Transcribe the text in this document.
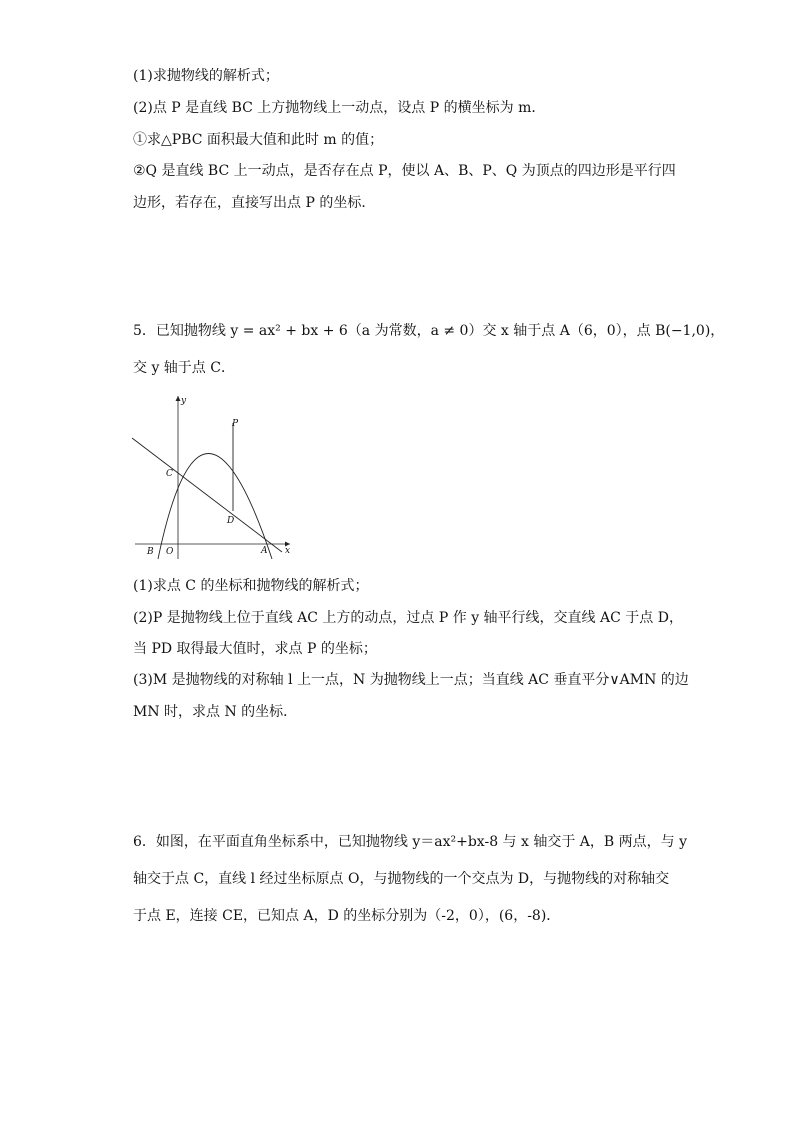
(1)求抛物线的解析式；
(2)点 P 是直线 BC 上方抛物线上一动点，设点 P 的横坐标为 m．
①求△PBC 面积最大值和此时 m 的值；
②Q 是直线 BC 上一动点，是否存在点 P，使以 A、B、P、Q 为顶点的四边形是平行四
边形，若存在，直接写出点 P 的坐标．
5．已知抛物线 y = ax² + bx + 6（a 为常数，a ≠ 0）交 x 轴于点 A（6，0），点 B(−1,0)，
交 y 轴于点 C．
y
x
P
C
D
B O	A
(1)求点 C 的坐标和抛物线的解析式；
(2)P 是抛物线上位于直线 AC 上方的动点，过点 P 作 y 轴平行线，交直线 AC 于点 D，
当 PD 取得最大值时，求点 P 的坐标；
(3)M 是抛物线的对称轴 l 上一点，N 为抛物线上一点；当直线 AC 垂直平分∨AMN 的边
MN 时，求点 N 的坐标．
6．如图，在平面直角坐标系中，已知抛物线 y＝ax²+bx-8 与 x 轴交于 A，B 两点，与 y
轴交于点 C，直线 l 经过坐标原点 O，与抛物线的一个交点为 D，与抛物线的对称轴交
于点 E，连接 CE，已知点 A，D 的坐标分别为（-2，0），(6，-8)．
